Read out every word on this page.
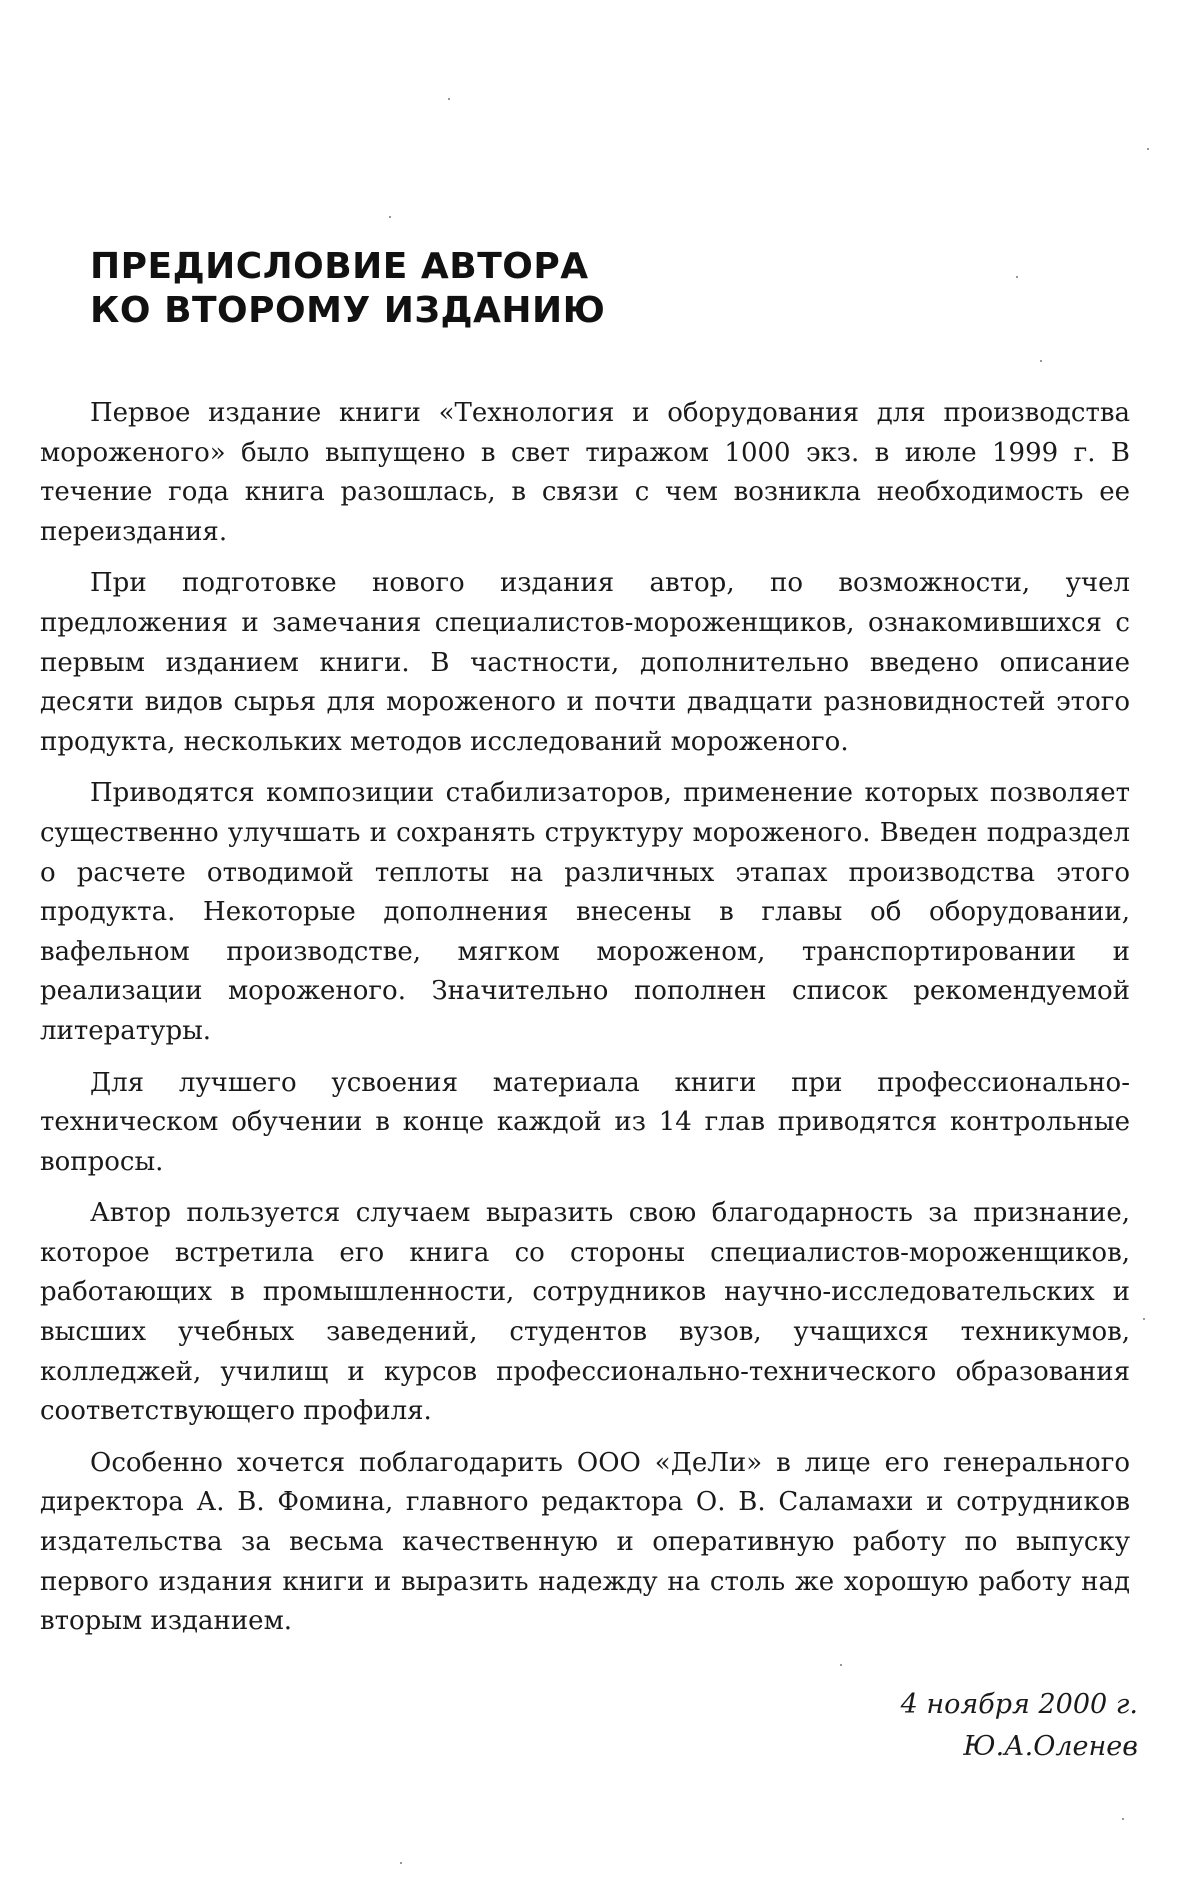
ПРЕДИСЛОВИЕ АВТОРА
КО ВТОРОМУ ИЗДАНИЮ

Первое издание книги «Технология и оборудования для производства мороженого» было выпущено в свет тиражом 1000 экз. в июле 1999 г. В течение года книга разошлась, в связи с чем возникла необходимость ее переиздания.

При подготовке нового издания автор, по возможности, учел предложения и замечания специалистов-мороженщиков, ознакомившихся с первым изданием книги. В частности, дополнительно введено описание десяти видов сырья для мороженого и почти двадцати разновидностей этого продукта, нескольких методов исследований мороженого.

Приводятся композиции стабилизаторов, применение которых позволяет существенно улучшать и сохранять структуру мороженого. Введен подраздел о расчете отводимой теплоты на различных этапах производства этого продукта. Некоторые дополнения внесены в главы об оборудовании, вафельном производстве, мягком мороженом, транспортировании и реализации мороженого. Значительно пополнен список рекомендуемой литературы.

Для лучшего усвоения материала книги при профессионально-техническом обучении в конце каждой из 14 глав приводятся контрольные вопросы.

Автор пользуется случаем выразить свою благодарность за признание, которое встретила его книга со стороны специалистов-мороженщиков, работающих в промышленности, сотрудников научно-исследовательских и высших учебных заведений, студентов вузов, учащихся техникумов, колледжей, училищ и курсов профессионально-технического образования соответствующего профиля.

Особенно хочется поблагодарить ООО «ДеЛи» в лице его генерального директора А. В. Фомина, главного редактора О. В. Саламахи и сотрудников издательства за весьма качественную и оперативную работу по выпуску первого издания книги и выразить надежду на столь же хорошую работу над вторым изданием.

4 ноября 2000 г.
Ю.А.Оленев
